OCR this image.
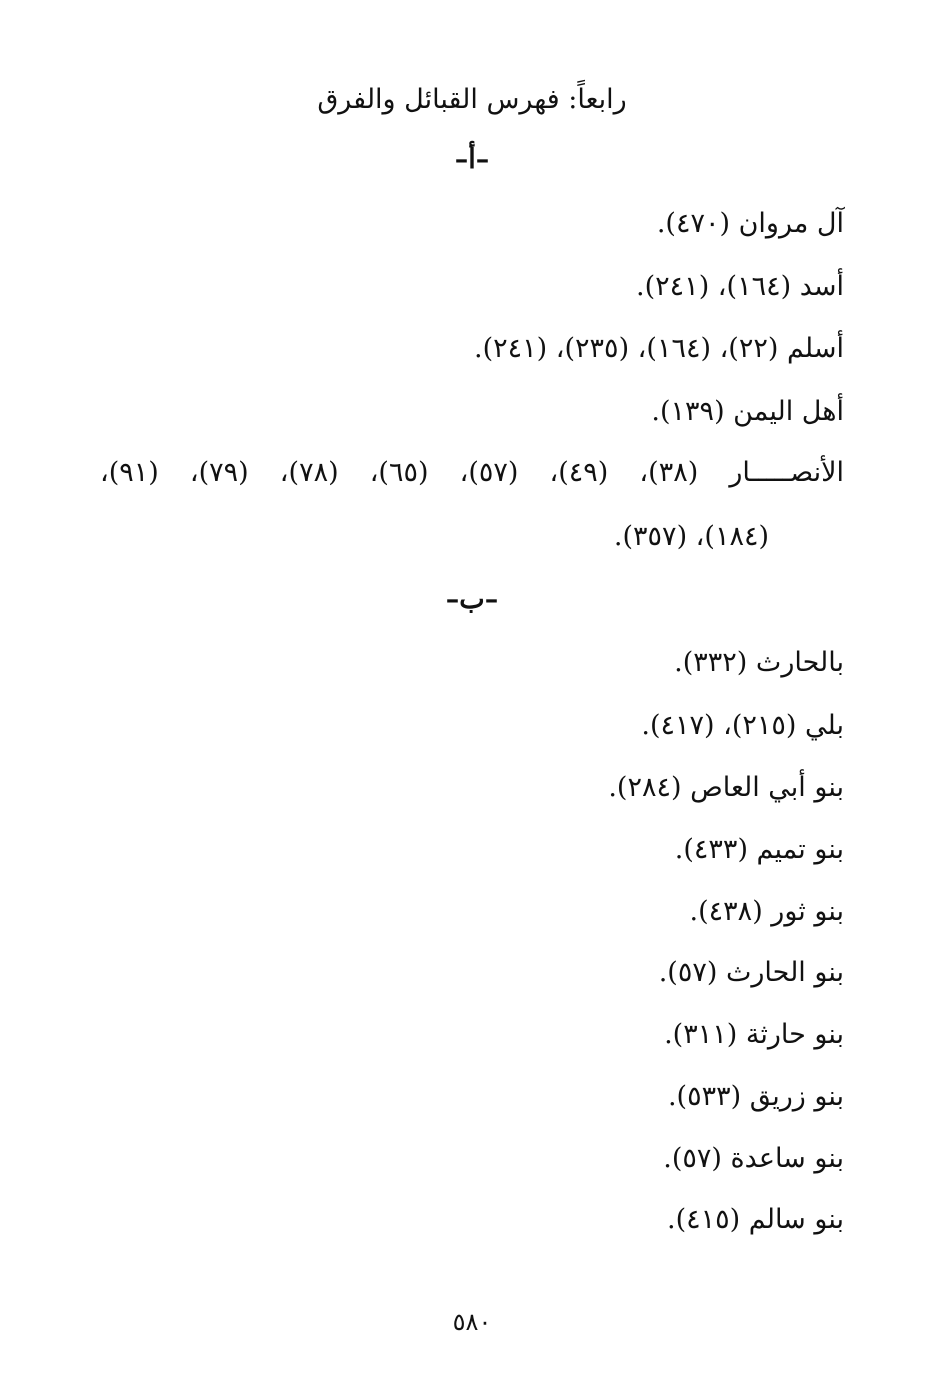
رابعاً: فهرس القبائل والفرق
–أ–
آل مروان (٤٧٠).
أسد (١٦٤)، (٢٤١).
أسلم (٢٢)، (١٦٤)، (٢٣٥)، (٢٤١).
أهل اليمن (١٣٩).
الأنصـــــار (٣٨)، (٤٩)، (٥٧)، (٦٥)، (٧٨)، (٧٩)، (٩١)،
(١٨٤)، (٣٥٧).
–ب–
بالحارث (٣٣٢).
بلي (٢١٥)، (٤١٧).
بنو أبي العاص (٢٨٤).
بنو تميم (٤٣٣).
بنو ثور (٤٣٨).
بنو الحارث (٥٧).
بنو حارثة (٣١١).
بنو زريق (٥٣٣).
بنو ساعدة (٥٧).
بنو سالم (٤١٥).
٥٨٠
